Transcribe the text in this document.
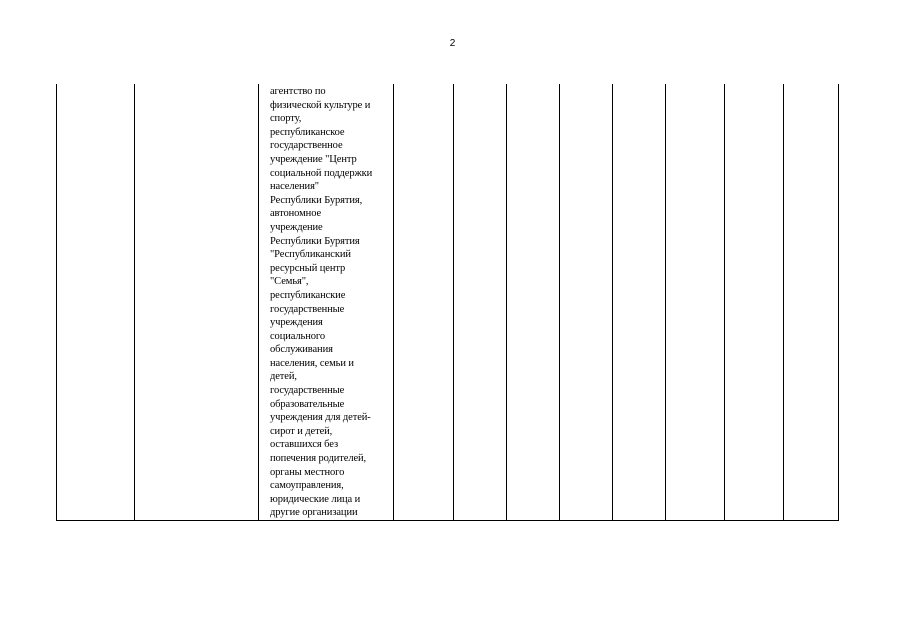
2

агентство по
физической культуре и
спорту,
республиканское
государственное
учреждение "Центр
социальной поддержки
населения"
Республики Бурятия,
автономное
учреждение
Республики Бурятия
"Республиканский
ресурсный центр
"Семья",
республиканские
государственные
учреждения
социального
обслуживания
населения, семьи и
детей,
государственные
образовательные
учреждения для детей-
сирот и детей,
оставшихся без
попечения родителей,
органы местного
самоуправления,
юридические лица и
другие организации
